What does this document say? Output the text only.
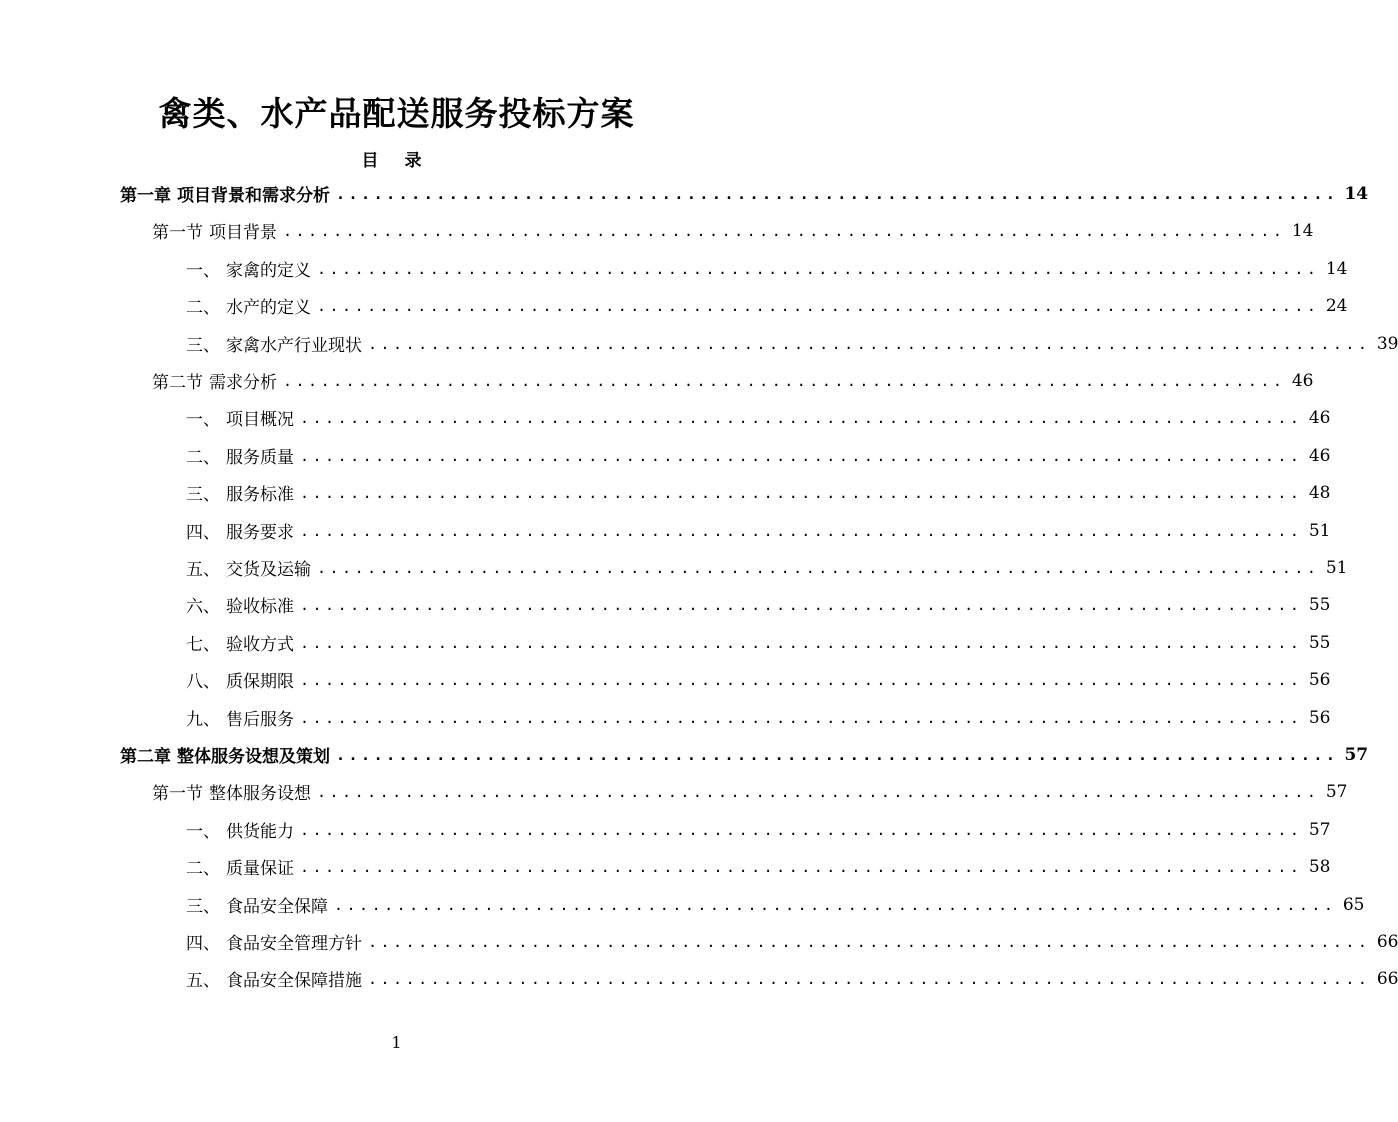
禽类、水产品配送服务投标方案
目 录
第一章 项目背景和需求分析 ................................................................................ 14
第一节 项目背景 ................................................................................ 14
一、 家禽的定义 ................................................................................ 14
二、 水产的定义 ................................................................................ 24
三、 家禽水产行业现状 ................................................................................ 39
第二节 需求分析 ................................................................................ 46
一、 项目概况 ................................................................................ 46
二、 服务质量 ................................................................................ 46
三、 服务标准 ................................................................................ 48
四、 服务要求 ................................................................................ 51
五、 交货及运输 ................................................................................ 51
六、 验收标准 ................................................................................ 55
七、 验收方式 ................................................................................ 55
八、 质保期限 ................................................................................ 56
九、 售后服务 ................................................................................ 56
第二章 整体服务设想及策划 ................................................................................ 57
第一节 整体服务设想 ................................................................................ 57
一、 供货能力 ................................................................................ 57
二、 质量保证 ................................................................................ 58
三、 食品安全保障 ................................................................................ 65
四、 食品安全管理方针 ................................................................................ 66
五、 食品安全保障措施 ................................................................................ 66
1
